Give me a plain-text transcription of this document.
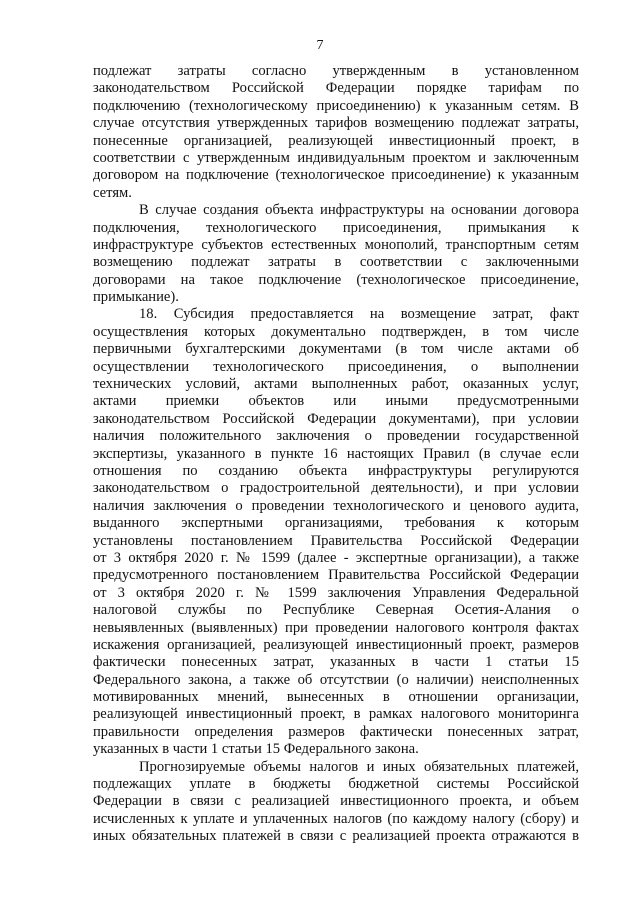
7
подлежат затраты согласно утвержденным в установленном
законодательством Российской Федерации порядке тарифам по
подключению (технологическому присоединению) к указанным сетям. В
случае отсутствия утвержденных тарифов возмещению подлежат затраты,
понесенные организацией, реализующей инвестиционный проект, в
соответствии с утвержденным индивидуальным проектом и заключенным
договором на подключение (технологическое присоединение) к указанным
сетям.
В случае создания объекта инфраструктуры на основании договора
подключения, технологического присоединения, примыкания к
инфраструктуре субъектов естественных монополий, транспортным сетям
возмещению подлежат затраты в соответствии с заключенными
договорами на такое подключение (технологическое присоединение,
примыкание).
18. Субсидия предоставляется на возмещение затрат, факт
осуществления которых документально подтвержден, в том числе
первичными бухгалтерскими документами (в том числе актами об
осуществлении технологического присоединения, о выполнении
технических условий, актами выполненных работ, оказанных услуг,
актами приемки объектов или иными предусмотренными
законодательством Российской Федерации документами), при условии
наличия положительного заключения о проведении государственной
экспертизы, указанного в пункте 16 настоящих Правил (в случае если
отношения по созданию объекта инфраструктуры регулируются
законодательством о градостроительной деятельности), и при условии
наличия заключения о проведении технологического и ценового аудита,
выданного экспертными организациями, требования к которым
установлены постановлением Правительства Российской Федерации
от 3 октября 2020 г. № 1599 (далее - экспертные организации), а также
предусмотренного постановлением Правительства Российской Федерации
от 3 октября 2020 г. № 1599 заключения Управления Федеральной
налоговой службы по Республике Северная Осетия-Алания о
невыявленных (выявленных) при проведении налогового контроля фактах
искажения организацией, реализующей инвестиционный проект, размеров
фактически понесенных затрат, указанных в части 1 статьи 15
Федерального закона, а также об отсутствии (о наличии) неисполненных
мотивированных мнений, вынесенных в отношении организации,
реализующей инвестиционный проект, в рамках налогового мониторинга
правильности определения размеров фактически понесенных затрат,
указанных в части 1 статьи 15 Федерального закона.
Прогнозируемые объемы налогов и иных обязательных платежей,
подлежащих уплате в бюджеты бюджетной системы Российской
Федерации в связи с реализацией инвестиционного проекта, и объем
исчисленных к уплате и уплаченных налогов (по каждому налогу (сбору) и
иных обязательных платежей в связи с реализацией проекта отражаются в
